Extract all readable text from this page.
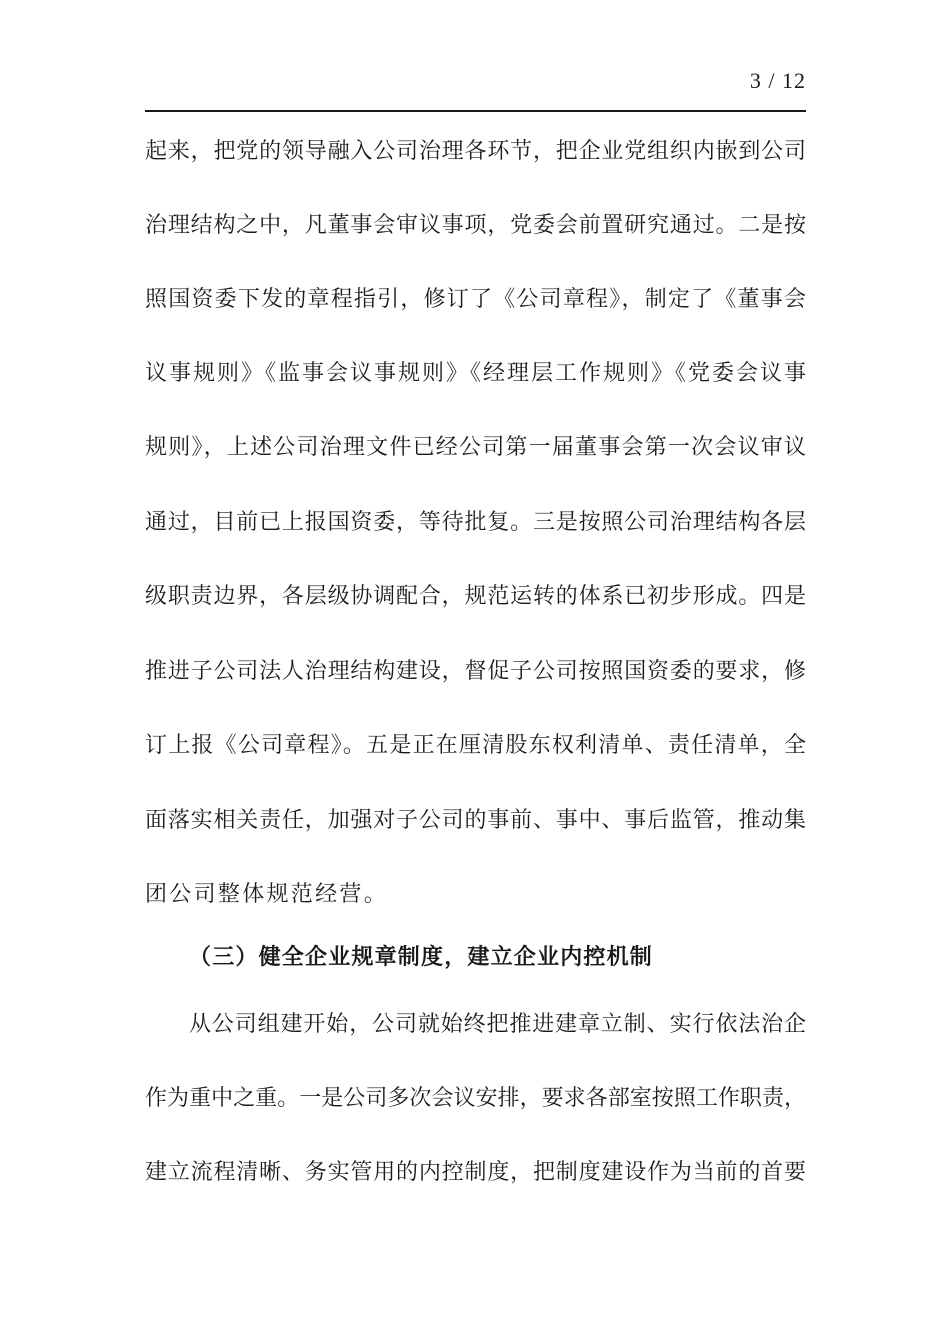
3 / 12
起来，把党的领导融入公司治理各环节，把企业党组织内嵌到公司
治理结构之中，凡董事会审议事项，党委会前置研究通过。二是按
照国资委下发的章程指引，修订了《公司章程》，制定了《董事会
议事规则》《监事会议事规则》《经理层工作规则》《党委会议事
规则》，上述公司治理文件已经公司第一届董事会第一次会议审议
通过，目前已上报国资委，等待批复。三是按照公司治理结构各层
级职责边界，各层级协调配合，规范运转的体系已初步形成。四是
推进子公司法人治理结构建设，督促子公司按照国资委的要求，修
订上报《公司章程》。五是正在厘清股东权利清单、责任清单，全
面落实相关责任，加强对子公司的事前、事中、事后监管，推动集
团公司整体规范经营。
（三）健全企业规章制度，建立企业内控机制
从公司组建开始，公司就始终把推进建章立制、实行依法治企
作为重中之重。一是公司多次会议安排，要求各部室按照工作职责，
建立流程清晰、务实管用的内控制度，把制度建设作为当前的首要
